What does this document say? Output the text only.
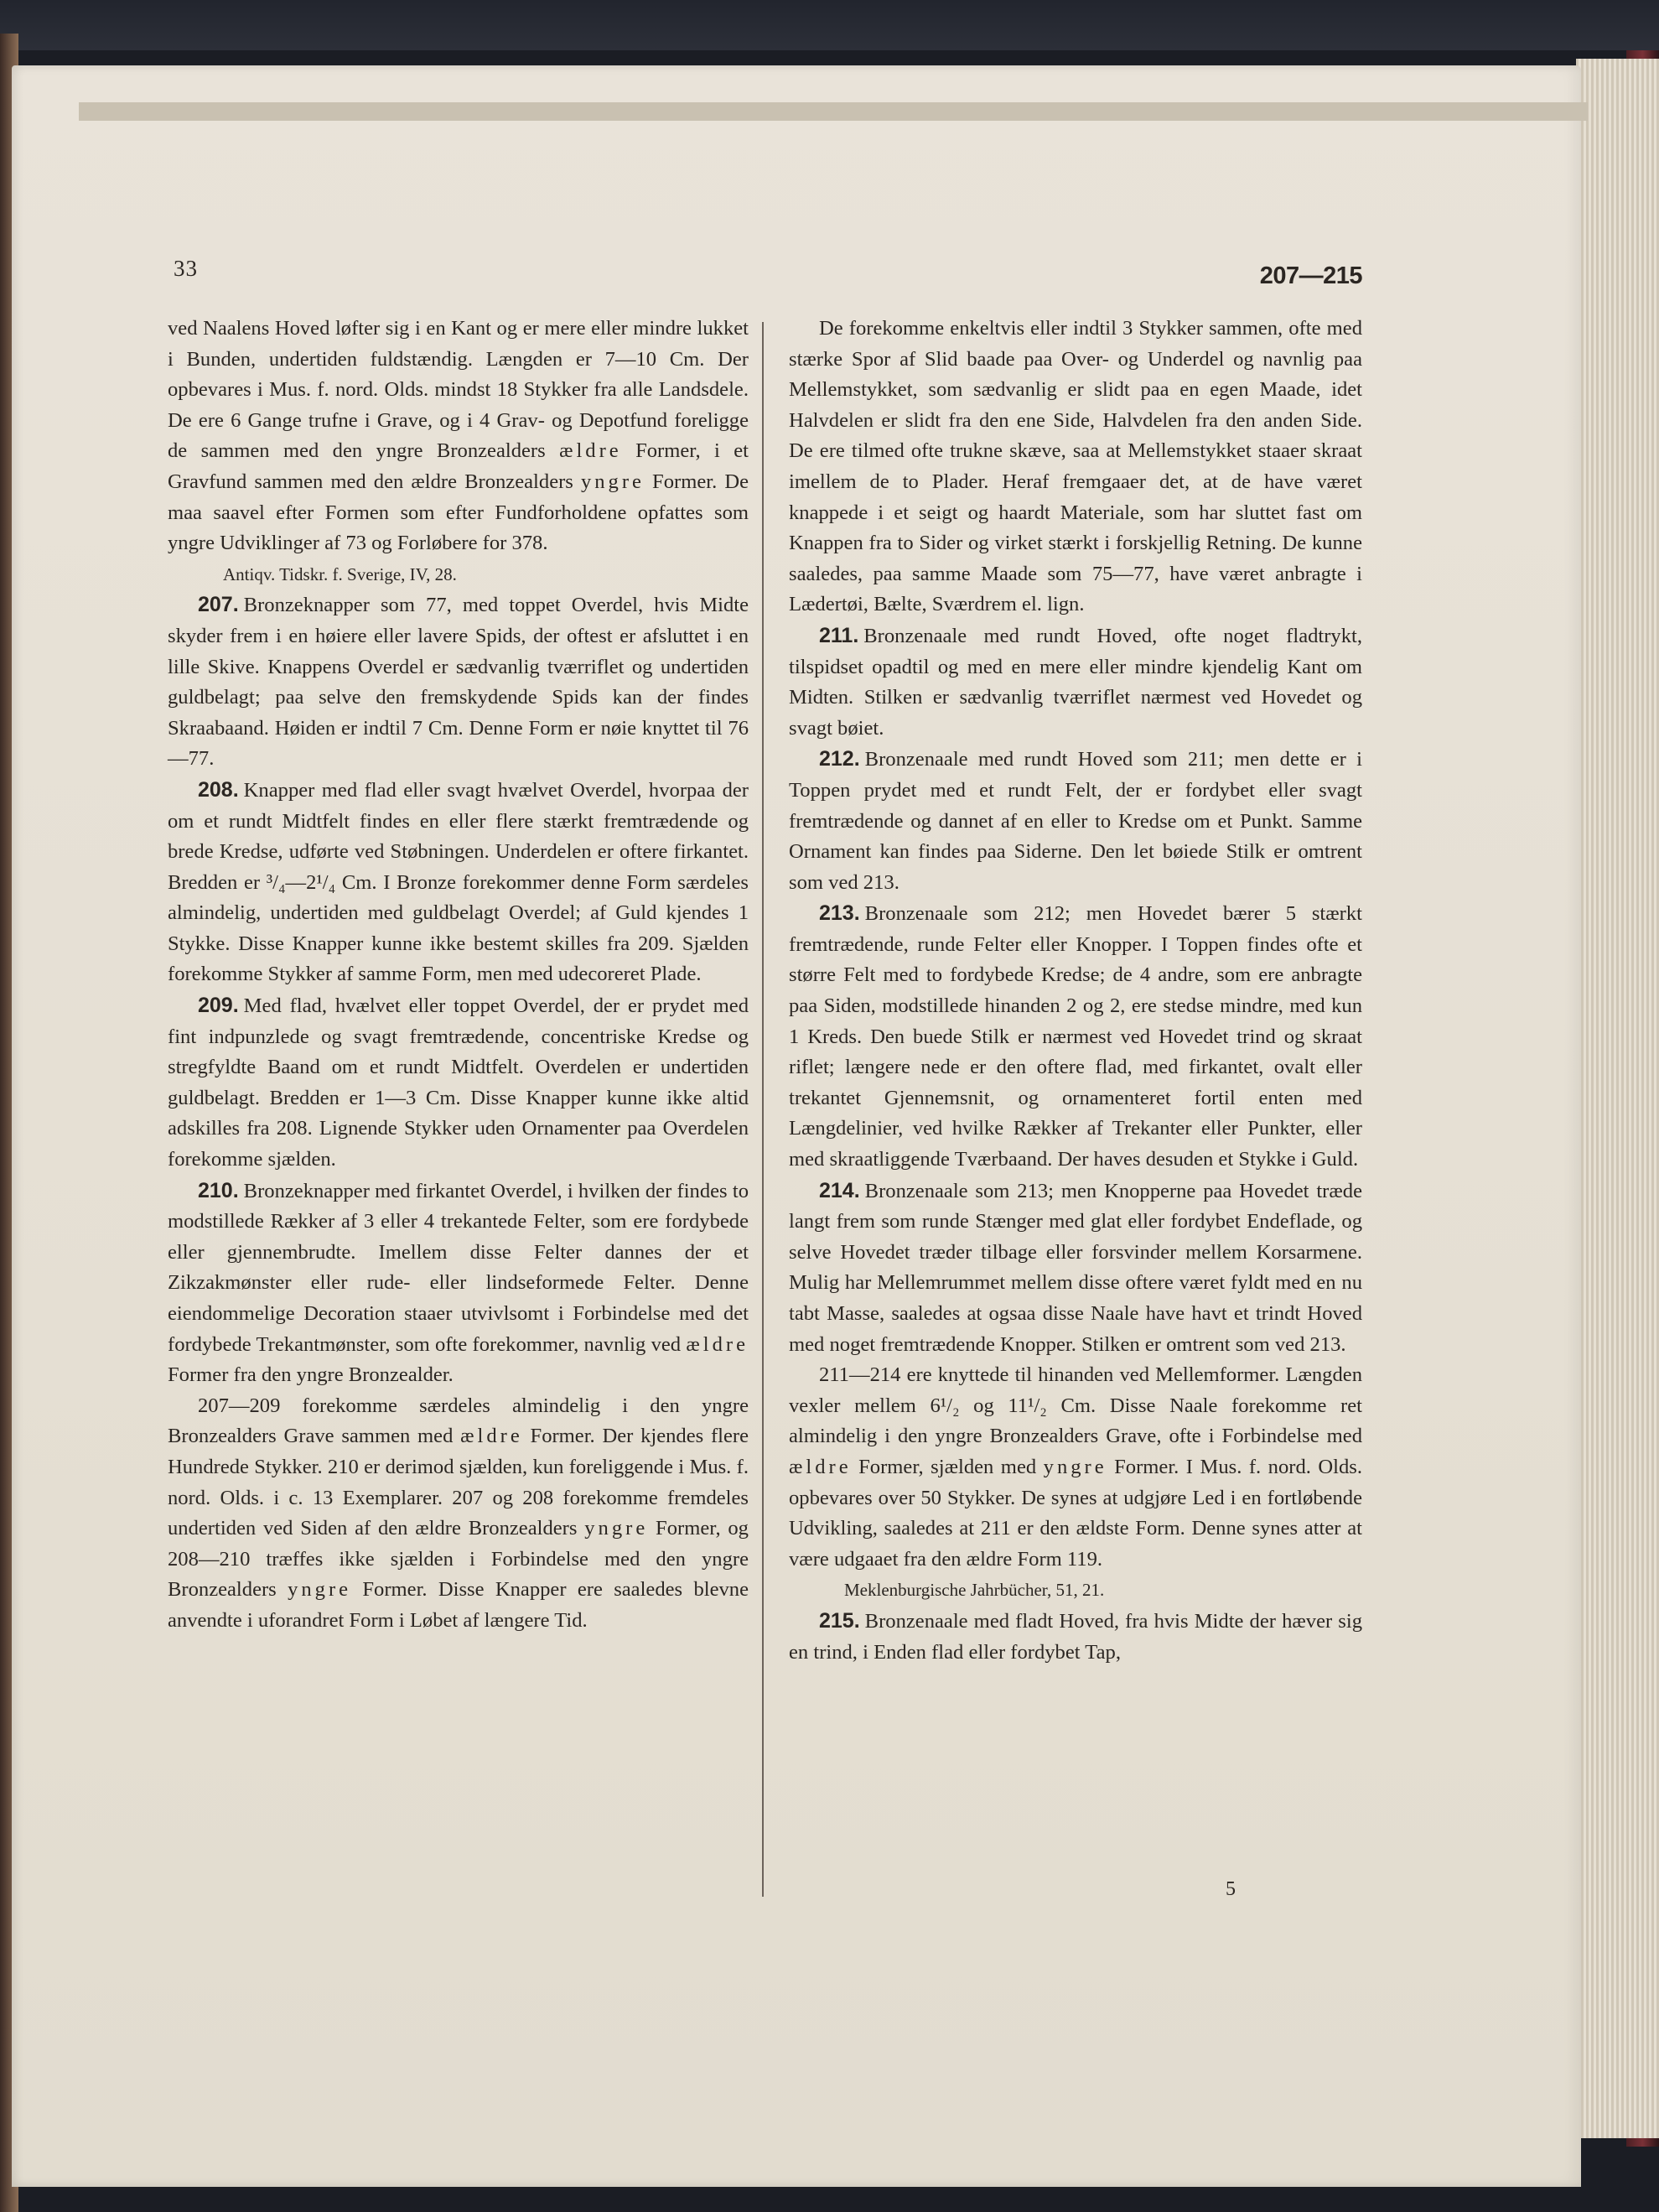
33	207—215

ved Naalens Hoved løfter sig i en Kant og er mere eller mindre lukket i Bunden, undertiden fuldstændig. Længden er 7—10 Cm. Der opbevares i Mus. f. nord. Olds. mindst 18 Stykker fra alle Landsdele. De ere 6 Gange trufne i Grave, og i 4 Grav- og Depotfund foreligge de sammen med den yngre Bronzealders ældre Former, i et Gravfund sammen med den ældre Bronzealders yngre Former. De maa saavel efter Formen som efter Fundforholdene opfattes som yngre Udviklinger af 73 og Forløbere for 378.

Antiqv. Tidskr. f. Sverige, IV, 28.

207. Bronzeknapper som 77, med toppet Overdel, hvis Midte skyder frem i en høiere eller lavere Spids, der oftest er afsluttet i en lille Skive. Knappens Overdel er sædvanlig tværriflet og undertiden guldbelagt; paa selve den fremskydende Spids kan der findes Skraabaand. Høiden er indtil 7 Cm. Denne Form er nøie knyttet til 76—77.

208. Knapper med flad eller svagt hvælvet Overdel, hvorpaa der om et rundt Midtfelt findes en eller flere stærkt fremtrædende og brede Kredse, udførte ved Støbningen. Underdelen er oftere firkantet. Bredden er ³/₄—2¹/₄ Cm. I Bronze forekommer denne Form særdeles almindelig, undertiden med guldbelagt Overdel; af Guld kjendes 1 Stykke. Disse Knapper kunne ikke bestemt skilles fra 209. Sjælden forekomme Stykker af samme Form, men med udecoreret Plade.

209. Med flad, hvælvet eller toppet Overdel, der er prydet med fint indpunzlede og svagt fremtrædende, concentriske Kredse og stregfyldte Baand om et rundt Midtfelt. Overdelen er undertiden guldbelagt. Bredden er 1—3 Cm. Disse Knapper kunne ikke altid adskilles fra 208. Lignende Stykker uden Ornamenter paa Overdelen forekomme sjælden.

210. Bronzeknapper med firkantet Overdel, i hvilken der findes to modstillede Rækker af 3 eller 4 trekantede Felter, som ere fordybede eller gjennembrudte. Imellem disse Felter dannes der et Zikzakmønster eller rude- eller lindseformede Felter. Denne eiendommelige Decoration staaer utvivlsomt i Forbindelse med det fordybede Trekantmønster, som ofte forekommer, navnlig ved ældre Former fra den yngre Bronzealder.

207—209 forekomme særdeles almindelig i den yngre Bronzealders Grave sammen med ældre Former. Der kjendes flere Hundrede Stykker. 210 er derimod sjælden, kun foreliggende i Mus. f. nord. Olds. i c. 13 Exemplarer. 207 og 208 forekomme fremdeles undertiden ved Siden af den ældre Bronzealders yngre Former, og 208—210 træffes ikke sjælden i Forbindelse med den yngre Bronzealders yngre Former. Disse Knapper ere saaledes blevne anvendte i uforandret Form i Løbet af længere Tid.

De forekomme enkeltvis eller indtil 3 Stykker sammen, ofte med stærke Spor af Slid baade paa Over- og Underdel og navnlig paa Mellemstykket, som sædvanlig er slidt paa en egen Maade, idet Halvdelen er slidt fra den ene Side, Halvdelen fra den anden Side. De ere tilmed ofte trukne skæve, saa at Mellemstykket staaer skraat imellem de to Plader. Heraf fremgaaer det, at de have været knappede i et seigt og haardt Materiale, som har sluttet fast om Knappen fra to Sider og virket stærkt i forskjellig Retning. De kunne saaledes, paa samme Maade som 75—77, have været anbragte i Lædertøi, Bælte, Sværdrem el. lign.

211. Bronzenaale med rundt Hoved, ofte noget fladtrykt, tilspidset opadtil og med en mere eller mindre kjendelig Kant om Midten. Stilken er sædvanlig tværriflet nærmest ved Hovedet og svagt bøiet.

212. Bronzenaale med rundt Hoved som 211; men dette er i Toppen prydet med et rundt Felt, der er fordybet eller svagt fremtrædende og dannet af en eller to Kredse om et Punkt. Samme Ornament kan findes paa Siderne. Den let bøiede Stilk er omtrent som ved 213.

213. Bronzenaale som 212; men Hovedet bærer 5 stærkt fremtrædende, runde Felter eller Knopper. I Toppen findes ofte et større Felt med to fordybede Kredse; de 4 andre, som ere anbragte paa Siden, modstillede hinanden 2 og 2, ere stedse mindre, med kun 1 Kreds. Den buede Stilk er nærmest ved Hovedet trind og skraat riflet; længere nede er den oftere flad, med firkantet, ovalt eller trekantet Gjennemsnit, og ornamenteret fortil enten med Længdelinier, ved hvilke Rækker af Trekanter eller Punkter, eller med skraatliggende Tværbaand. Der haves desuden et Stykke i Guld.

214. Bronzenaale som 213; men Knopperne paa Hovedet træde langt frem som runde Stænger med glat eller fordybet Endeflade, og selve Hovedet træder tilbage eller forsvinder mellem Korsarmene. Mulig har Mellemrummet mellem disse oftere været fyldt med en nu tabt Masse, saaledes at ogsaa disse Naale have havt et trindt Hoved med noget fremtrædende Knopper. Stilken er omtrent som ved 213.

211—214 ere knyttede til hinanden ved Mellemformer. Længden vexler mellem 6¹/₂ og 11¹/₂ Cm. Disse Naale forekomme ret almindelig i den yngre Bronzealders Grave, ofte i Forbindelse med ældre Former, sjælden med yngre Former. I Mus. f. nord. Olds. opbevares over 50 Stykker. De synes at udgjøre Led i en fortløbende Udvikling, saaledes at 211 er den ældste Form. Denne synes atter at være udgaaet fra den ældre Form 119.

Meklenburgische Jahrbücher, 51, 21.

215. Bronzenaale med fladt Hoved, fra hvis Midte der hæver sig en trind, i Enden flad eller fordybet Tap,

5
